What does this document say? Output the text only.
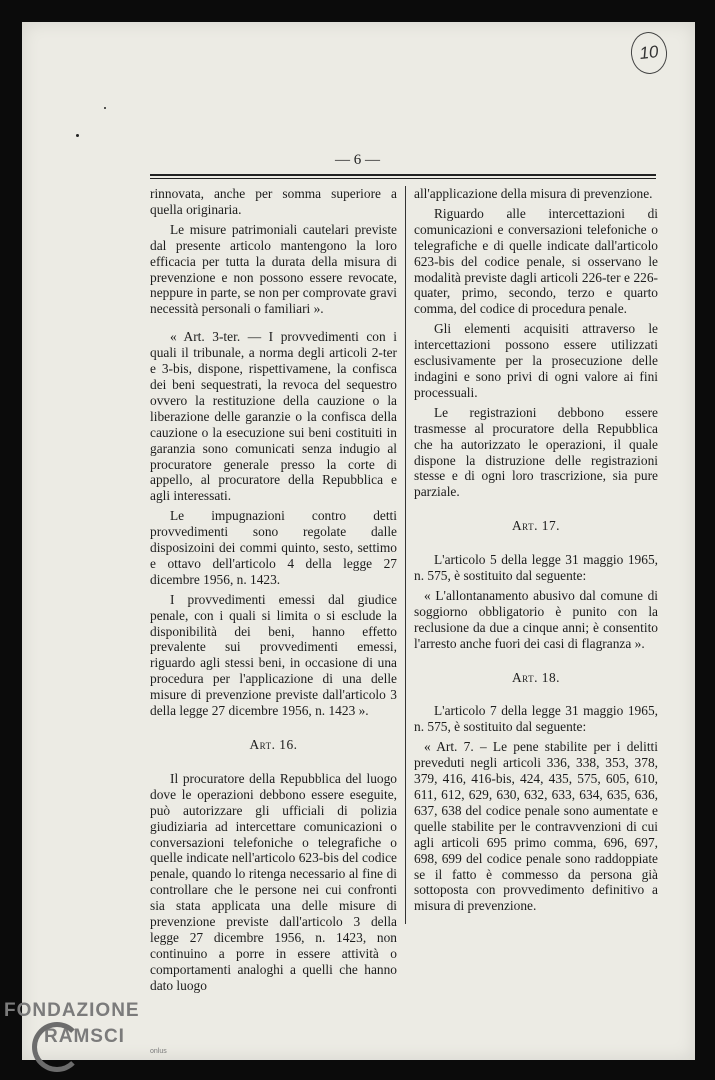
10
— 6 —

rinnovata, anche per somma superiore a quella originaria.

Le misure patrimoniali cautelari previste dal presente articolo mantengono la loro efficacia per tutta la durata della misura di prevenzione e non possono essere revocate, neppure in parte, se non per comprovate gravi necessità personali o familiari ».

« Art. 3-ter. — I provvedimenti con i quali il tribunale, a norma degli articoli 2-ter e 3-bis, dispone, rispettivamene, la confisca dei beni sequestrati, la revoca del sequestro ovvero la restituzione della cauzione o la liberazione delle garanzie o la confisca della cauzione o la esecuzione sui beni costituiti in garanzia sono comunicati senza indugio al procuratore generale presso la corte di appello, al procuratore della Repubblica e agli interessati.

Le impugnazioni contro detti provvedimenti sono regolate dalle disposizoini dei commi quinto, sesto, settimo e ottavo dell'articolo 4 della legge 27 dicembre 1956, n. 1423.

I provvedimenti emessi dal giudice penale, con i quali si limita o si esclude la disponibilità dei beni, hanno effetto prevalente sui provvedimenti emessi, riguardo agli stessi beni, in occasione di una procedura per l'applicazione di una delle misure di prevenzione previste dall'articolo 3 della legge 27 dicembre 1956, n. 1423 ».

Art. 16.

Il procuratore della Repubblica del luogo dove le operazioni debbono essere eseguite, può autorizzare gli ufficiali di polizia giudiziaria ad intercettare comunicazioni o conversazioni telefoniche o telegrafiche o quelle indicate nell'articolo 623-bis del codice penale, quando lo ritenga necessario al fine di controllare che le persone nei cui confronti sia stata applicata una delle misure di prevenzione previste dall'articolo 3 della legge 27 dicembre 1956, n. 1423, non continuino a porre in essere attività o comportamenti analoghi a quelli che hanno dato luogo

all'applicazione della misura di prevenzione.

Riguardo alle intercettazioni di comunicazioni e conversazioni telefoniche o telegrafiche e di quelle indicate dall'articolo 623-bis del codice penale, si osservano le modalità previste dagli articoli 226-ter e 226-quater, primo, secondo, terzo e quarto comma, del codice di procedura penale.

Gli elementi acquisiti attraverso le intercettazioni possono essere utilizzati esclusivamente per la prosecuzione delle indagini e sono privi di ogni valore ai fini processuali.

Le registrazioni debbono essere trasmesse al procuratore della Repubblica che ha autorizzato le operazioni, il quale dispone la distruzione delle registrazioni stesse e di ogni loro trascrizione, sia pure parziale.

Art. 17.

L'articolo 5 della legge 31 maggio 1965, n. 575, è sostituito dal seguente:

« L'allontanamento abusivo dal comune di soggiorno obbligatorio è punito con la reclusione da due a cinque anni; è consentito l'arresto anche fuori dei casi di flagranza ».

Art. 18.

L'articolo 7 della legge 31 maggio 1965, n. 575, è sostituito dal seguente:

« Art. 7. – Le pene stabilite per i delitti preveduti negli articoli 336, 338, 353, 378, 379, 416, 416-bis, 424, 435, 575, 605, 610, 611, 612, 629, 630, 632, 633, 634, 635, 636, 637, 638 del codice penale sono aumentate e quelle stabilite per le contravvenzioni di cui agli articoli 695 primo comma, 696, 697, 698, 699 del codice penale sono raddoppiate se il fatto è commesso da persona già sottoposta con provvedimento definitivo a misura di prevenzione.

FONDAZIONE
RAMSCI
onlus
